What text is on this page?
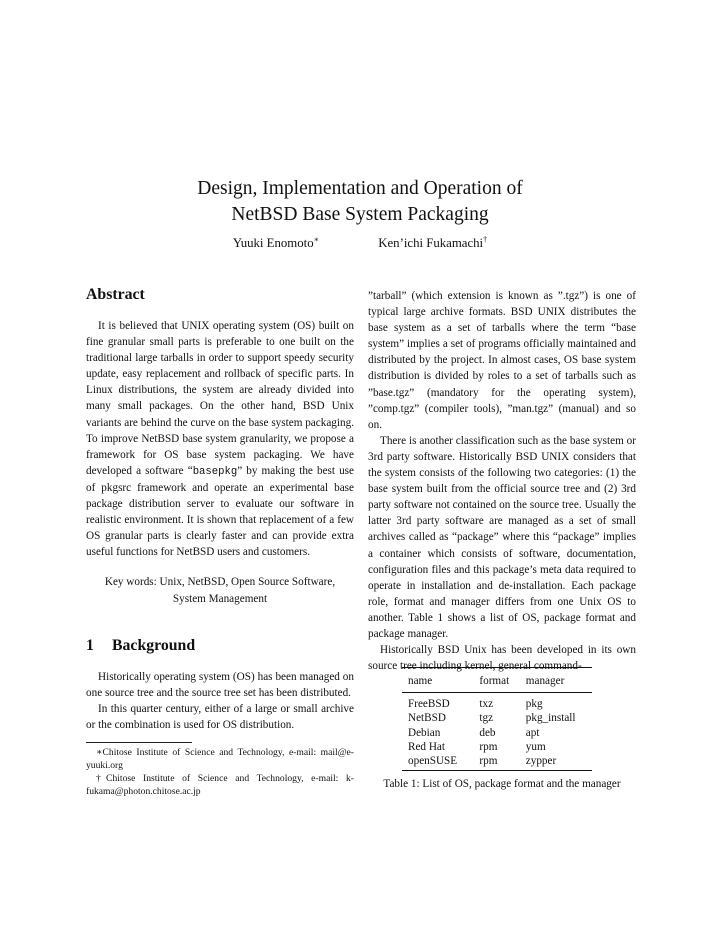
Design, Implementation and Operation of
NetBSD Base System Packaging
Yuuki Enomoto∗	Ken’ichi Fukamachi†
Abstract

It is believed that UNIX operating system (OS) built on fine granular small parts is preferable to one built on the traditional large tarballs in order to support speedy security update, easy replacement and rollback of specific parts. In Linux distributions, the system are already divided into many small packages. On the other hand, BSD Unix variants are behind the curve on the base system packaging. To improve NetBSD base system granularity, we propose a framework for OS base system packaging. We have developed a software “basepkg” by making the best use of pkgsrc framework and operate an experimental base package distribution server to evaluate our software in realistic environment. It is shown that replacement of a few OS granular parts is clearly faster and can provide extra useful functions for NetBSD users and customers.

Key words: Unix, NetBSD, Open Source Software,
System Management
1 Background

Historically operating system (OS) has been managed on one source tree and the source tree set has been distributed.

In this quarter century, either of a large or small archive or the combination is used for OS distribution.

∗Chitose Institute of Science and Technology, e-mail: mail@e-yuuki.org

†Chitose Institute of Science and Technology, e-mail: k-fukama@photon.chitose.ac.jp

”tarball” (which extension is known as ”.tgz”) is one of typical large archive formats. BSD UNIX distributes the base system as a set of tarballs where the term “base system” implies a set of programs officially maintained and distributed by the project. In almost cases, OS base system distribution is divided by roles to a set of tarballs such as ”base.tgz” (mandatory for the operating system), ”comp.tgz” (compiler tools), ”man.tgz” (manual) and so on.

There is another classification such as the base system or 3rd party software. Historically BSD UNIX considers that the system consists of the following two categories: (1) the base system built from the official source tree and (2) 3rd party software not contained on the source tree. Usually the latter 3rd party software are managed as a set of small archives called as “package” where this “package” implies a container which consists of software, documentation, configuration files and this package’s meta data required to operate in installation and de-installation. Each package role, format and manager differs from one Unix OS to another. Table 1 shows a list of OS, package format and package manager.

Historically BSD Unix has been developed in its own source tree including kernel, general command-

name	format	manager
FreeBSD	txz	pkg
NetBSD	tgz	pkg_install
Debian	deb	apt
Red Hat	rpm	yum
openSUSE	rpm	zypper
Table 1: List of OS, package format and the manager
